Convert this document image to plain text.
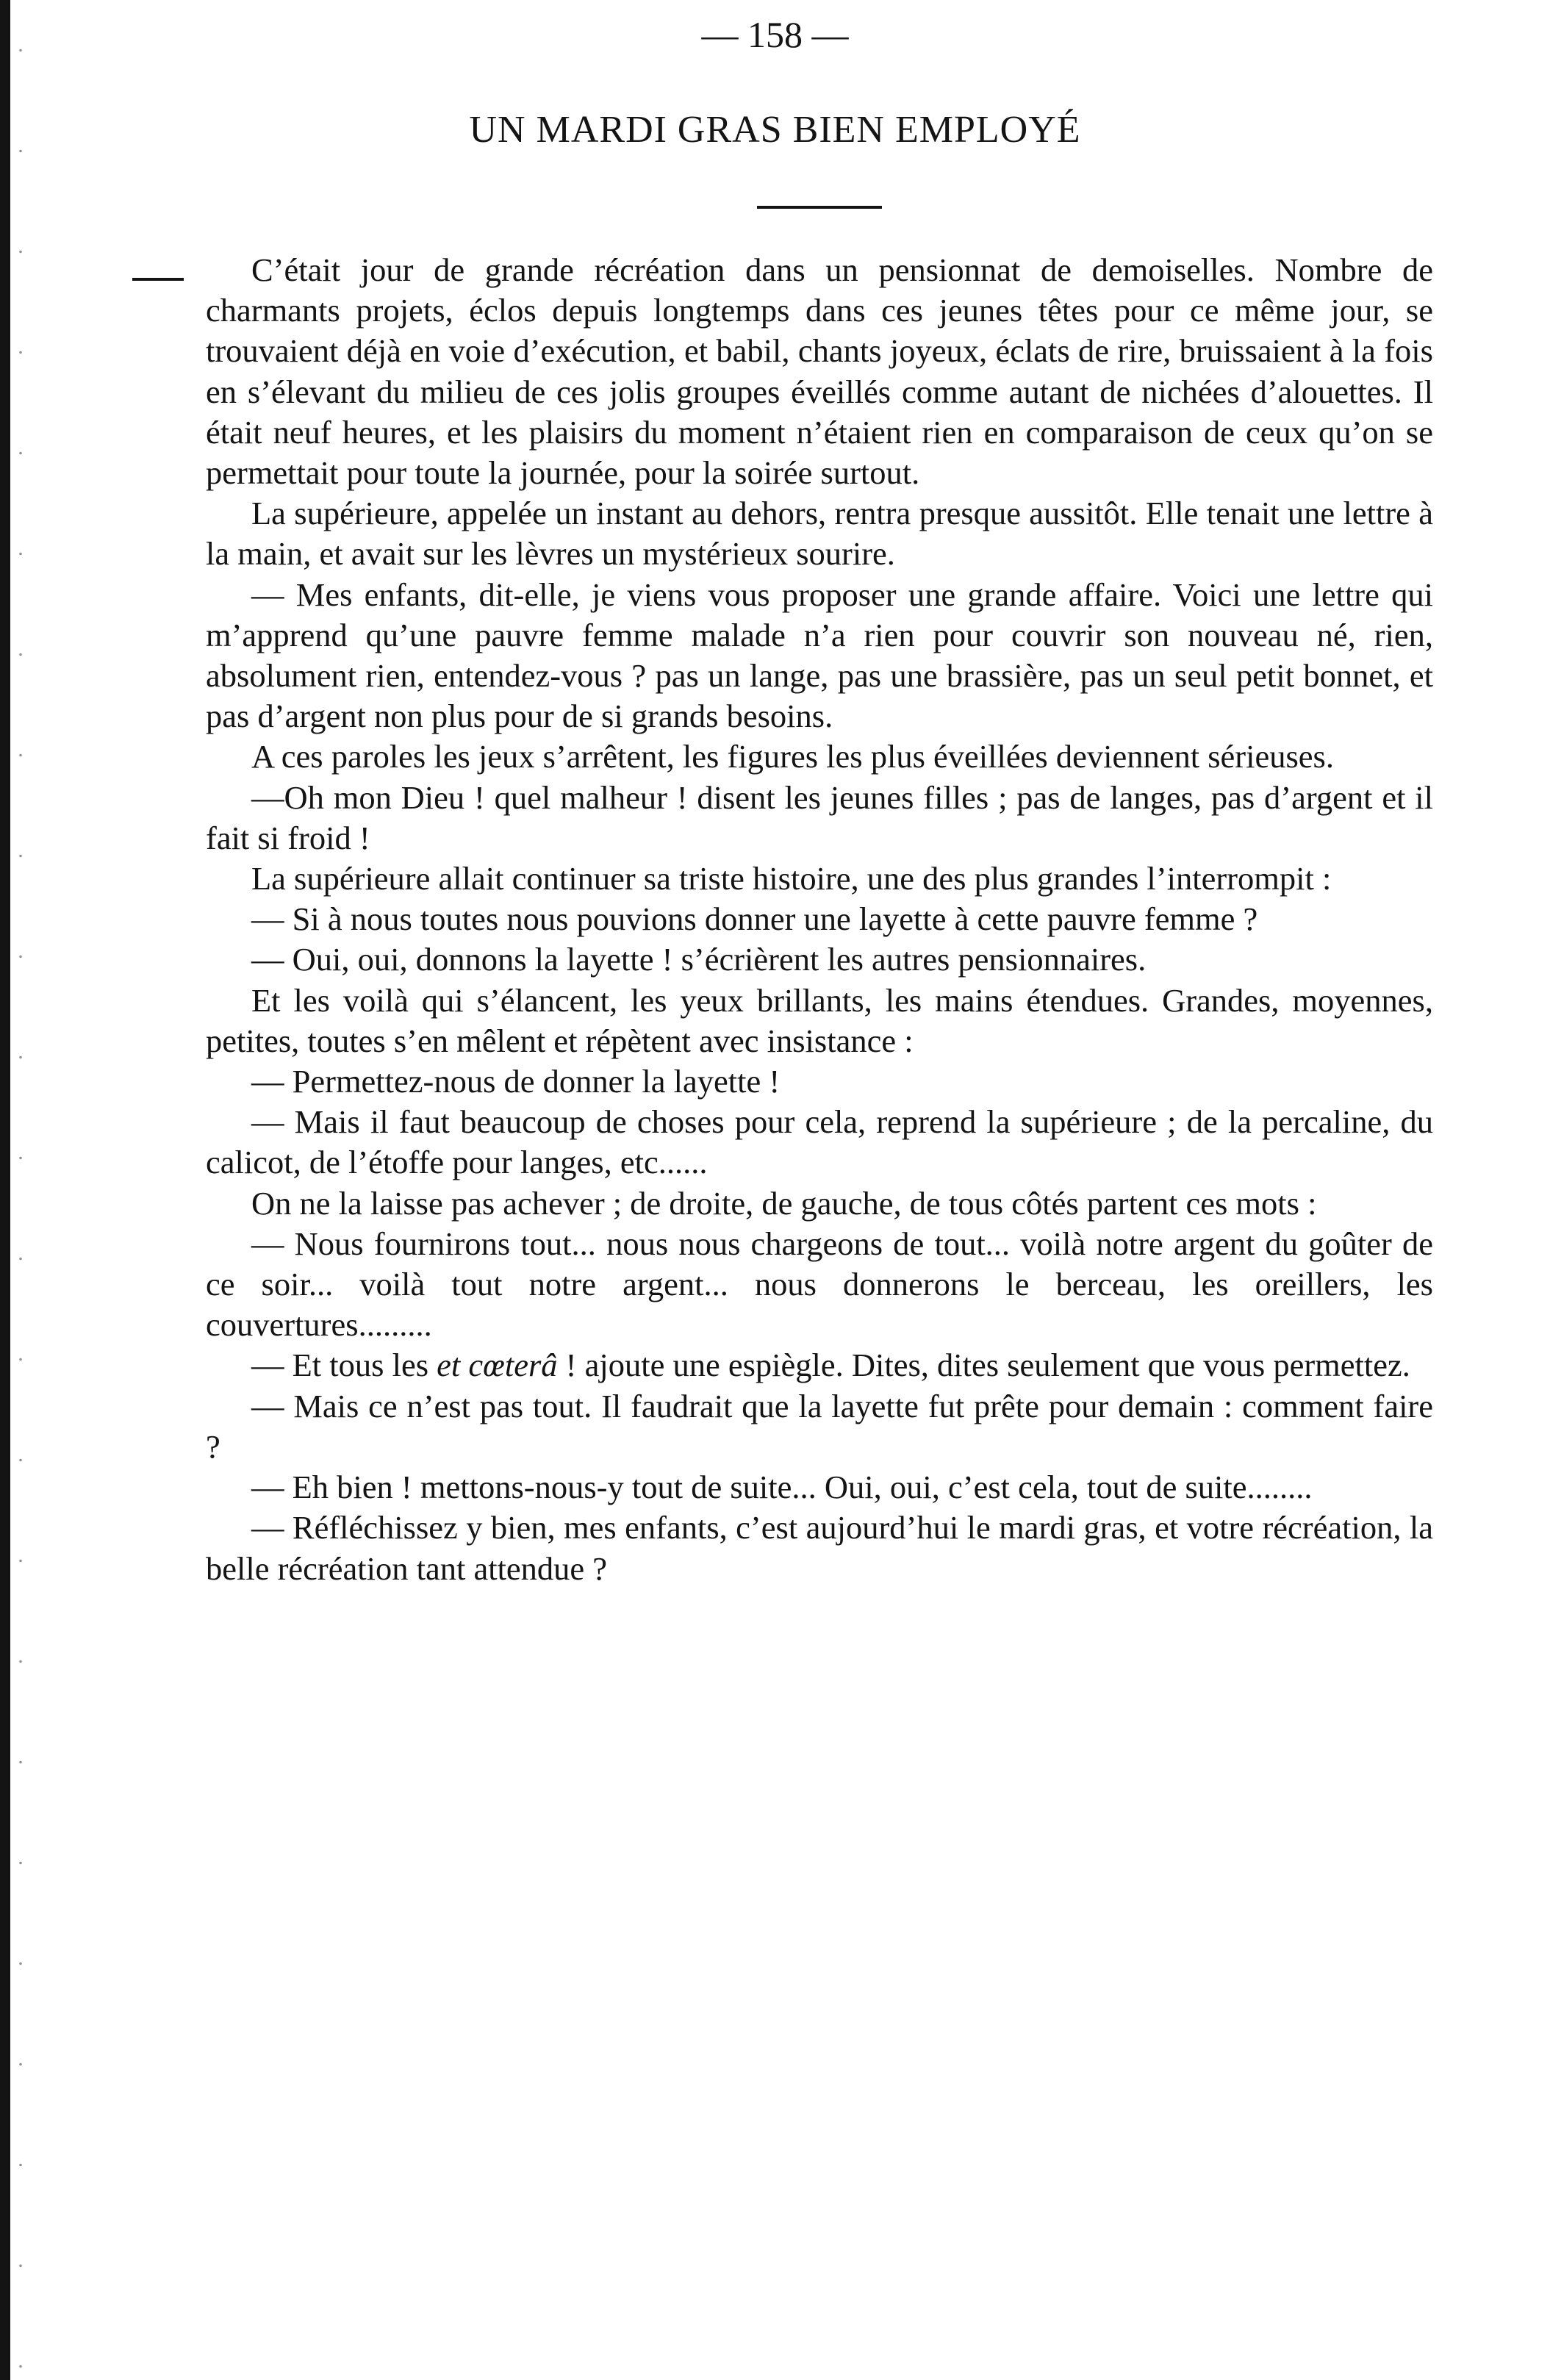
— 158 —
UN MARDI GRAS BIEN EMPLOYÉ

C’était jour de grande récréation dans un pensionnat de demoiselles. Nombre de charmants projets, éclos depuis longtemps dans ces jeunes têtes pour ce même jour, se trouvaient déjà en voie d’exécution, et babil, chants joyeux, éclats de rire, bruissaient à la fois en s’élevant du milieu de ces jolis groupes éveillés comme autant de nichées d’alouettes. Il était neuf heures, et les plaisirs du moment n’étaient rien en comparaison de ceux qu’on se permettait pour toute la journée, pour la soirée surtout.

La supérieure, appelée un instant au dehors, rentra presque aussitôt. Elle tenait une lettre à la main, et avait sur les lèvres un mystérieux sourire.

— Mes enfants, dit-elle, je viens vous proposer une grande affaire. Voici une lettre qui m’apprend qu’une pauvre femme malade n’a rien pour couvrir son nouveau né, rien, absolument rien, entendez-vous ? pas un lange, pas une brassière, pas un seul petit bonnet, et pas d’argent non plus pour de si grands besoins.

A ces paroles les jeux s’arrêtent, les figures les plus éveillées deviennent sérieuses.

—Oh mon Dieu ! quel malheur ! disent les jeunes filles ; pas de langes, pas d’argent et il fait si froid !

La supérieure allait continuer sa triste histoire, une des plus grandes l’interrompit :

— Si à nous toutes nous pouvions donner une layette à cette pauvre femme ?

— Oui, oui, donnons la layette ! s’écrièrent les autres pensionnaires.

Et les voilà qui s’élancent, les yeux brillants, les mains étendues. Grandes, moyennes, petites, toutes s’en mêlent et répètent avec insistance :

— Permettez-nous de donner la layette !

— Mais il faut beaucoup de choses pour cela, reprend la supérieure ; de la percaline, du calicot, de l’étoffe pour langes, etc......

On ne la laisse pas achever ; de droite, de gauche, de tous côtés partent ces mots :

— Nous fournirons tout... nous nous chargeons de tout... voilà notre argent du goûter de ce soir... voilà tout notre argent... nous donnerons le berceau, les oreillers, les couvertures.........

— Et tous les et cœterâ ! ajoute une espiègle. Dites, dites seulement que vous permettez.

— Mais ce n’est pas tout. Il faudrait que la layette fut prête pour demain : comment faire ?

— Eh bien ! mettons-nous-y tout de suite... Oui, oui, c’est cela, tout de suite........

— Réfléchissez y bien, mes enfants, c’est aujourd’hui le mardi gras, et votre récréation, la belle récréation tant attendue ?
